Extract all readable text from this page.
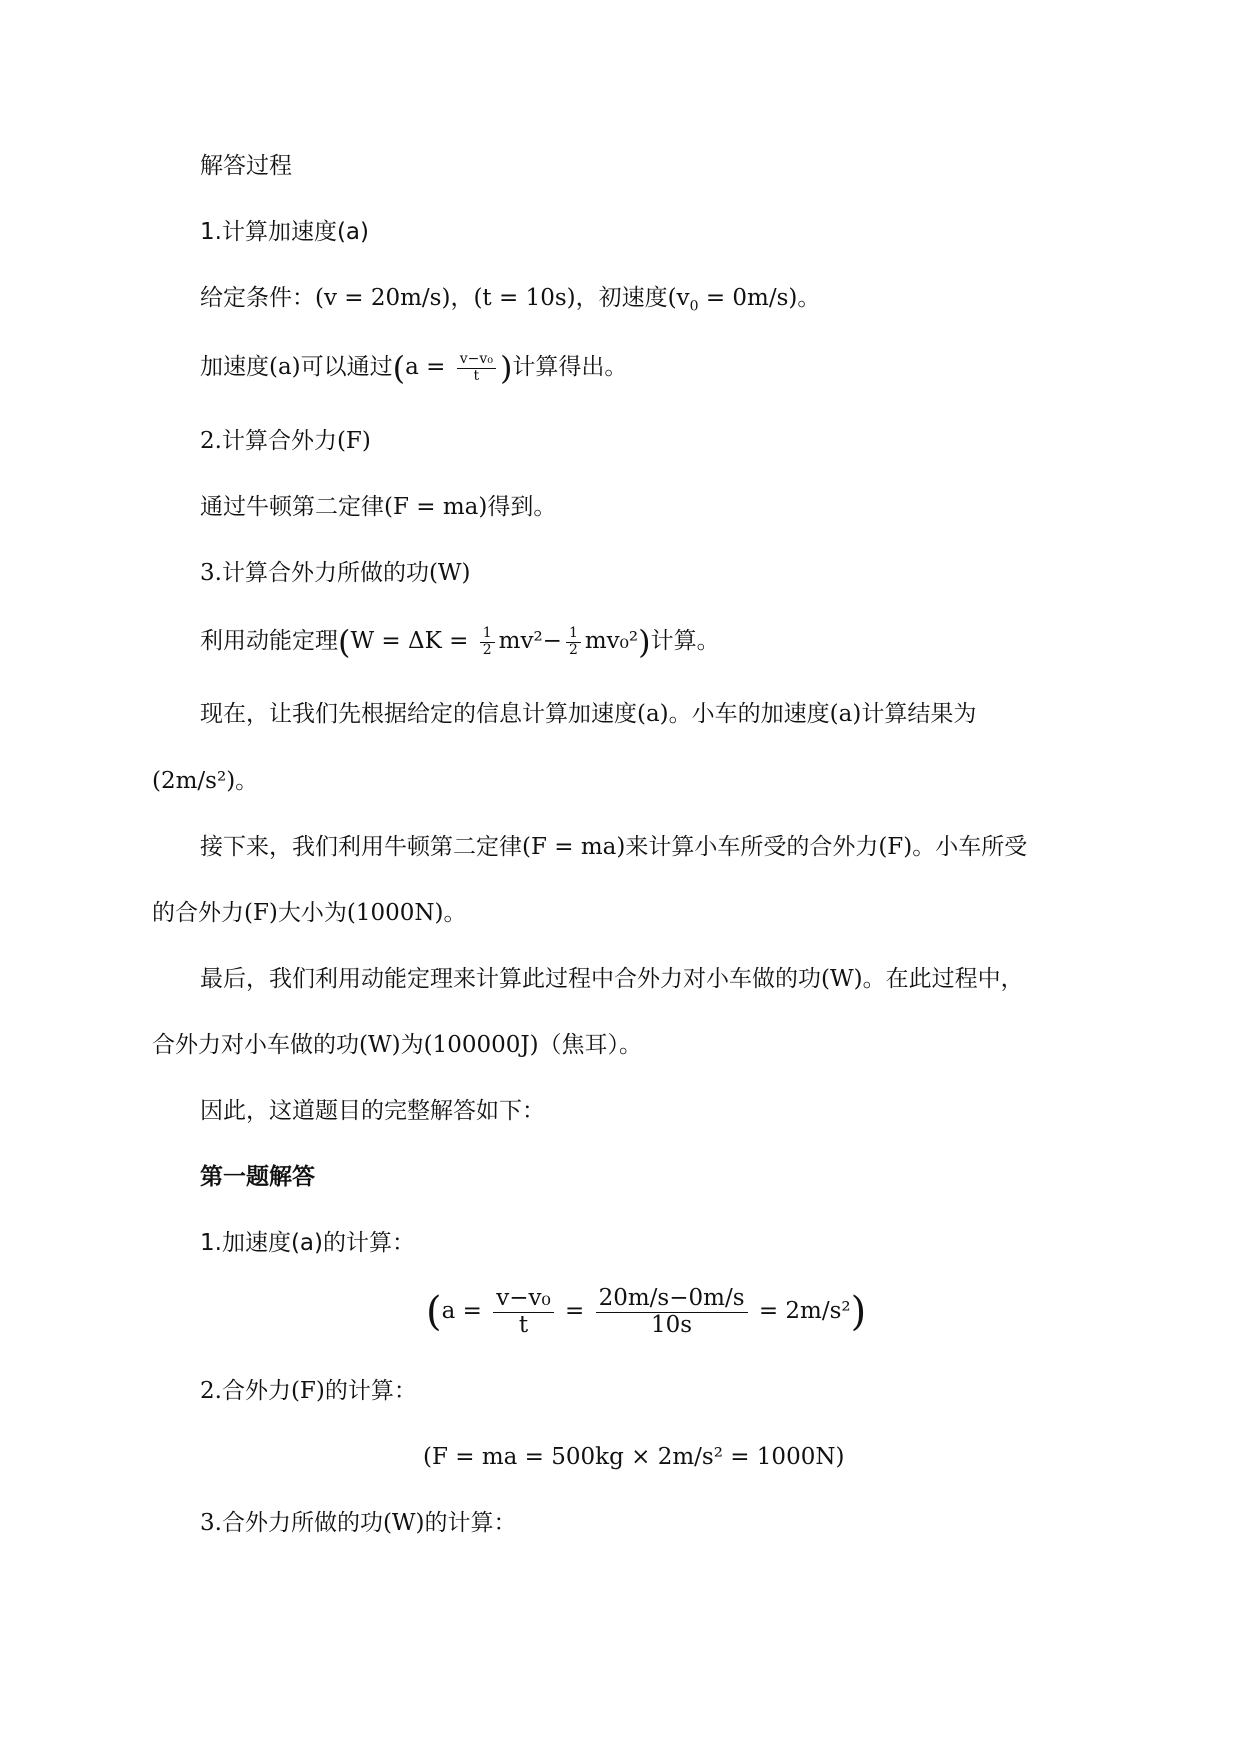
解答过程
1.计算加速度(a)
给定条件：(v = 20m/s)，(t = 10s)，初速度$(v_0 = 0m/s)$。
加速度(a)可以通过($a = \frac{\text{v−v₀}}{t}$ )计算得出。
2.计算合外力(F)
通过牛顿第二定律(F = ma)得到。
3.计算合外力所做的功(W)
利用动能定理$(W = \Delta K = \frac{1}{2} mv^2- \frac{1}{2} mv_0^2)$计算。
现在，让我们先根据给定的信息计算加速度(a)。小车的加速度(a)计算结果为
(2m/s²)。
接下来，我们利用牛顿第二定律(F = ma)来计算小车所受的合外力(F)。小车所受
的合外力(F)大小为(1000N)。
最后，我们利用动能定理来计算此过程中合外力对小车做的功(W)。在此过程中，
合外力对小车做的功(W)为(100000J)（焦耳）。
因此，这道题目的完整解答如下：
第一题解答
1.加速度(a)的计算：
$(a = \frac{\text{v−v₀}}{t} = \frac{20m/s-0m/s}{10s} = 2m/s^2)$
2.合外力(F)的计算：
(F = ma = 500kg × 2m/s² = 1000N)
3.合外力所做的功(W)的计算：
